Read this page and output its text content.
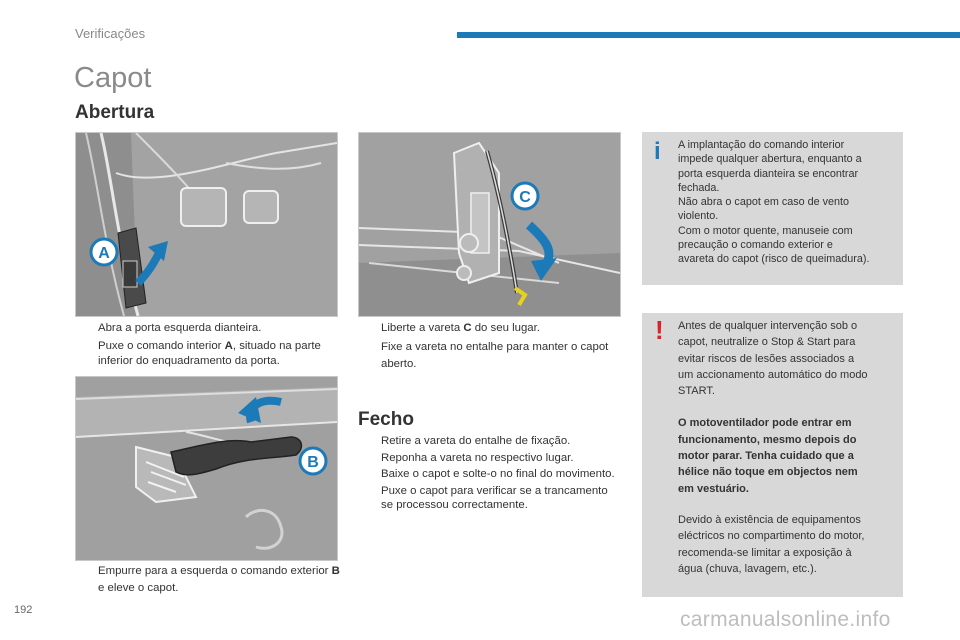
Verificações
Capot
Abertura
A
C
B
Abra a porta esquerda dianteira.
Puxe o comando interior A, situado na parte inferior do enquadramento da porta.
Empurre para a esquerda o comando exterior B e eleve o capot.
Liberte a vareta C do seu lugar.
Fixe a vareta no entalhe para manter o capot aberto.
Fecho
Retire a vareta do entalhe de fixação.
Reponha a vareta no respectivo lugar.
Baixe o capot e solte-o no final do movimento.
Puxe o capot para verificar se a trancamento se processou correctamente.
i A implantação do comando interior
impede qualquer abertura, enquanto a
porta esquerda dianteira se encontrar
fechada.
Não abra o capot em caso de vento
violento.
Com o motor quente, manuseie com
precaução o comando exterior e
avareta do capot (risco de queimadura).
! Antes de qualquer intervenção sob o
capot, neutralize o Stop & Start para
evitar riscos de lesões associados a
um accionamento automático do modo
START.
O motoventilador pode entrar em
funcionamento, mesmo depois do
motor parar. Tenha cuidado que a
hélice não toque em objectos nem
em vestuário.
Devido à existência de equipamentos
eléctricos no compartimento do motor,
recomenda-se limitar a exposição à
água (chuva, lavagem, etc.).
192	carmanualsonline.info
